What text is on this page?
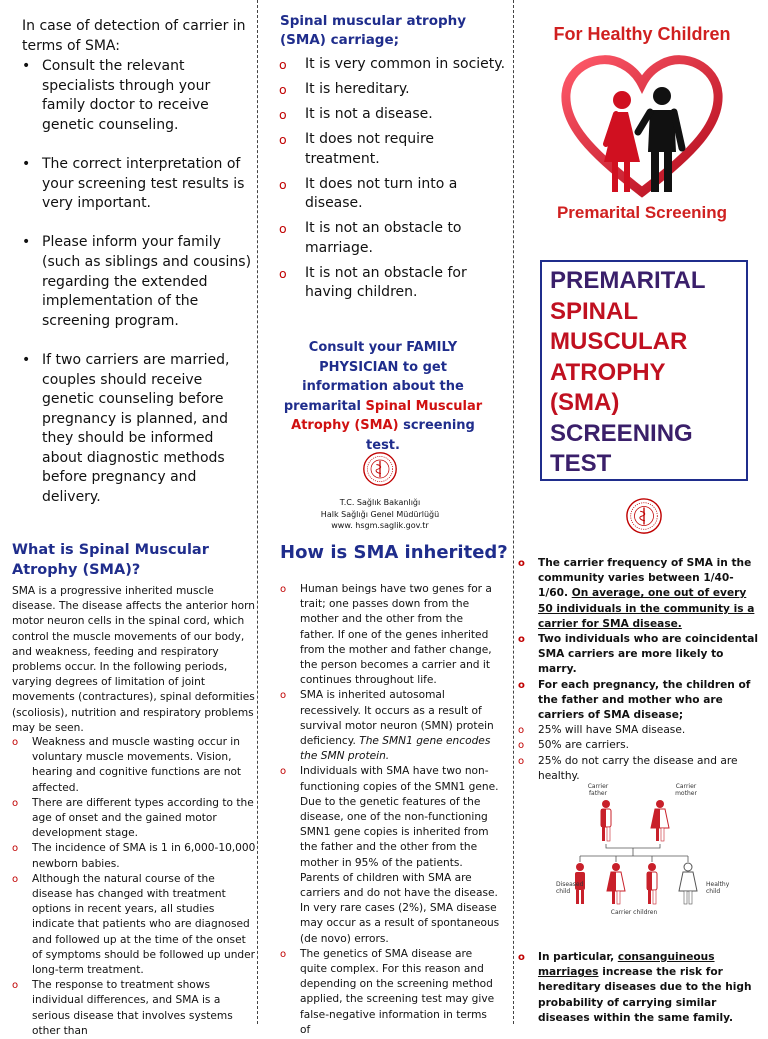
In case of detection of carrier in terms of SMA:
• Consult the relevant specialists through your family doctor to receive genetic counseling.
• The correct interpretation of your screening test results is very important.
• Please inform your family (such as siblings and cousins) regarding the extended implementation of the screening program.
• If two carriers are married, couples should receive genetic counseling before pregnancy is planned, and they should be informed about diagnostic methods before pregnancy and delivery.
Spinal muscular atrophy (SMA) carriage;
o It is very common in society.
o It is hereditary.
o It is not a disease.
o It does not require treatment.
o It does not turn into a disease.
o It is not an obstacle to marriage.
o It is not an obstacle for having children.
Consult your FAMILY PHYSICIAN to get information about the premarital Spinal Muscular Atrophy (SMA) screening test.
T.C. Sağlık Bakanlığı
Halk Sağlığı Genel Müdürlüğü
www. hsgm.saglik.gov.tr
For Healthy Children
Premarital Screening
PREMARITAL
SPINAL
MUSCULAR
ATROPHY
(SMA)
SCREENING
TEST
What is Spinal Muscular Atrophy (SMA)?
SMA is a progressive inherited muscle disease. The disease affects the anterior horn motor neuron cells in the spinal cord, which control the muscle movements of our body, and weakness, feeding and respiratory problems occur. In the following periods, varying degrees of limitation of joint movements (contractures), spinal deformities (scoliosis), nutrition and respiratory problems may be seen.
o Weakness and muscle wasting occur in voluntary muscle movements. Vision, hearing and cognitive functions are not affected.
o There are different types according to the age of onset and the gained motor development stage.
o The incidence of SMA is 1 in 6,000-10,000 newborn babies.
o Although the natural course of the disease has changed with treatment options in recent years, all studies indicate that patients who are diagnosed and followed up at the time of the onset of symptoms should be followed up under long-term treatment.
o The response to treatment shows individual differences, and SMA is a serious disease that involves systems other than
How is SMA inherited?
o Human beings have two genes for a trait; one passes down from the mother and the other from the father. If one of the genes inherited from the mother and father change, the person becomes a carrier and it continues throughout life.
o SMA is inherited autosomal recessively. It occurs as a result of survival motor neuron (SMN) protein deficiency. The SMN1 gene encodes the SMN protein.
o Individuals with SMA have two non-functioning copies of the SMN1 gene. Due to the genetic features of the disease, one of the non-functioning SMN1 gene copies is inherited from the father and the other from the mother in 95% of the patients. Parents of children with SMA are carriers and do not have the disease. In very rare cases (2%), SMA disease may occur as a result of spontaneous (de novo) errors.
o The genetics of SMA disease are quite complex. For this reason and depending on the screening method applied, the screening test may give false-negative information in terms of
o The carrier frequency of SMA in the community varies between 1/40-1/60. On average, one out of every 50 individuals in the community is a carrier for SMA disease.
o Two individuals who are coincidental SMA carriers are more likely to marry.
o For each pregnancy, the children of the father and mother who are carriers of SMA disease;
o 25% will have SMA disease.
o 50% are carriers.
o 25% do not carry the disease and are healthy.
Carrier father
Carrier mother
Diseased child
Healthy child
Carrier children
o In particular, consanguineous marriages increase the risk for hereditary diseases due to the high probability of carrying similar diseases within the same family.
